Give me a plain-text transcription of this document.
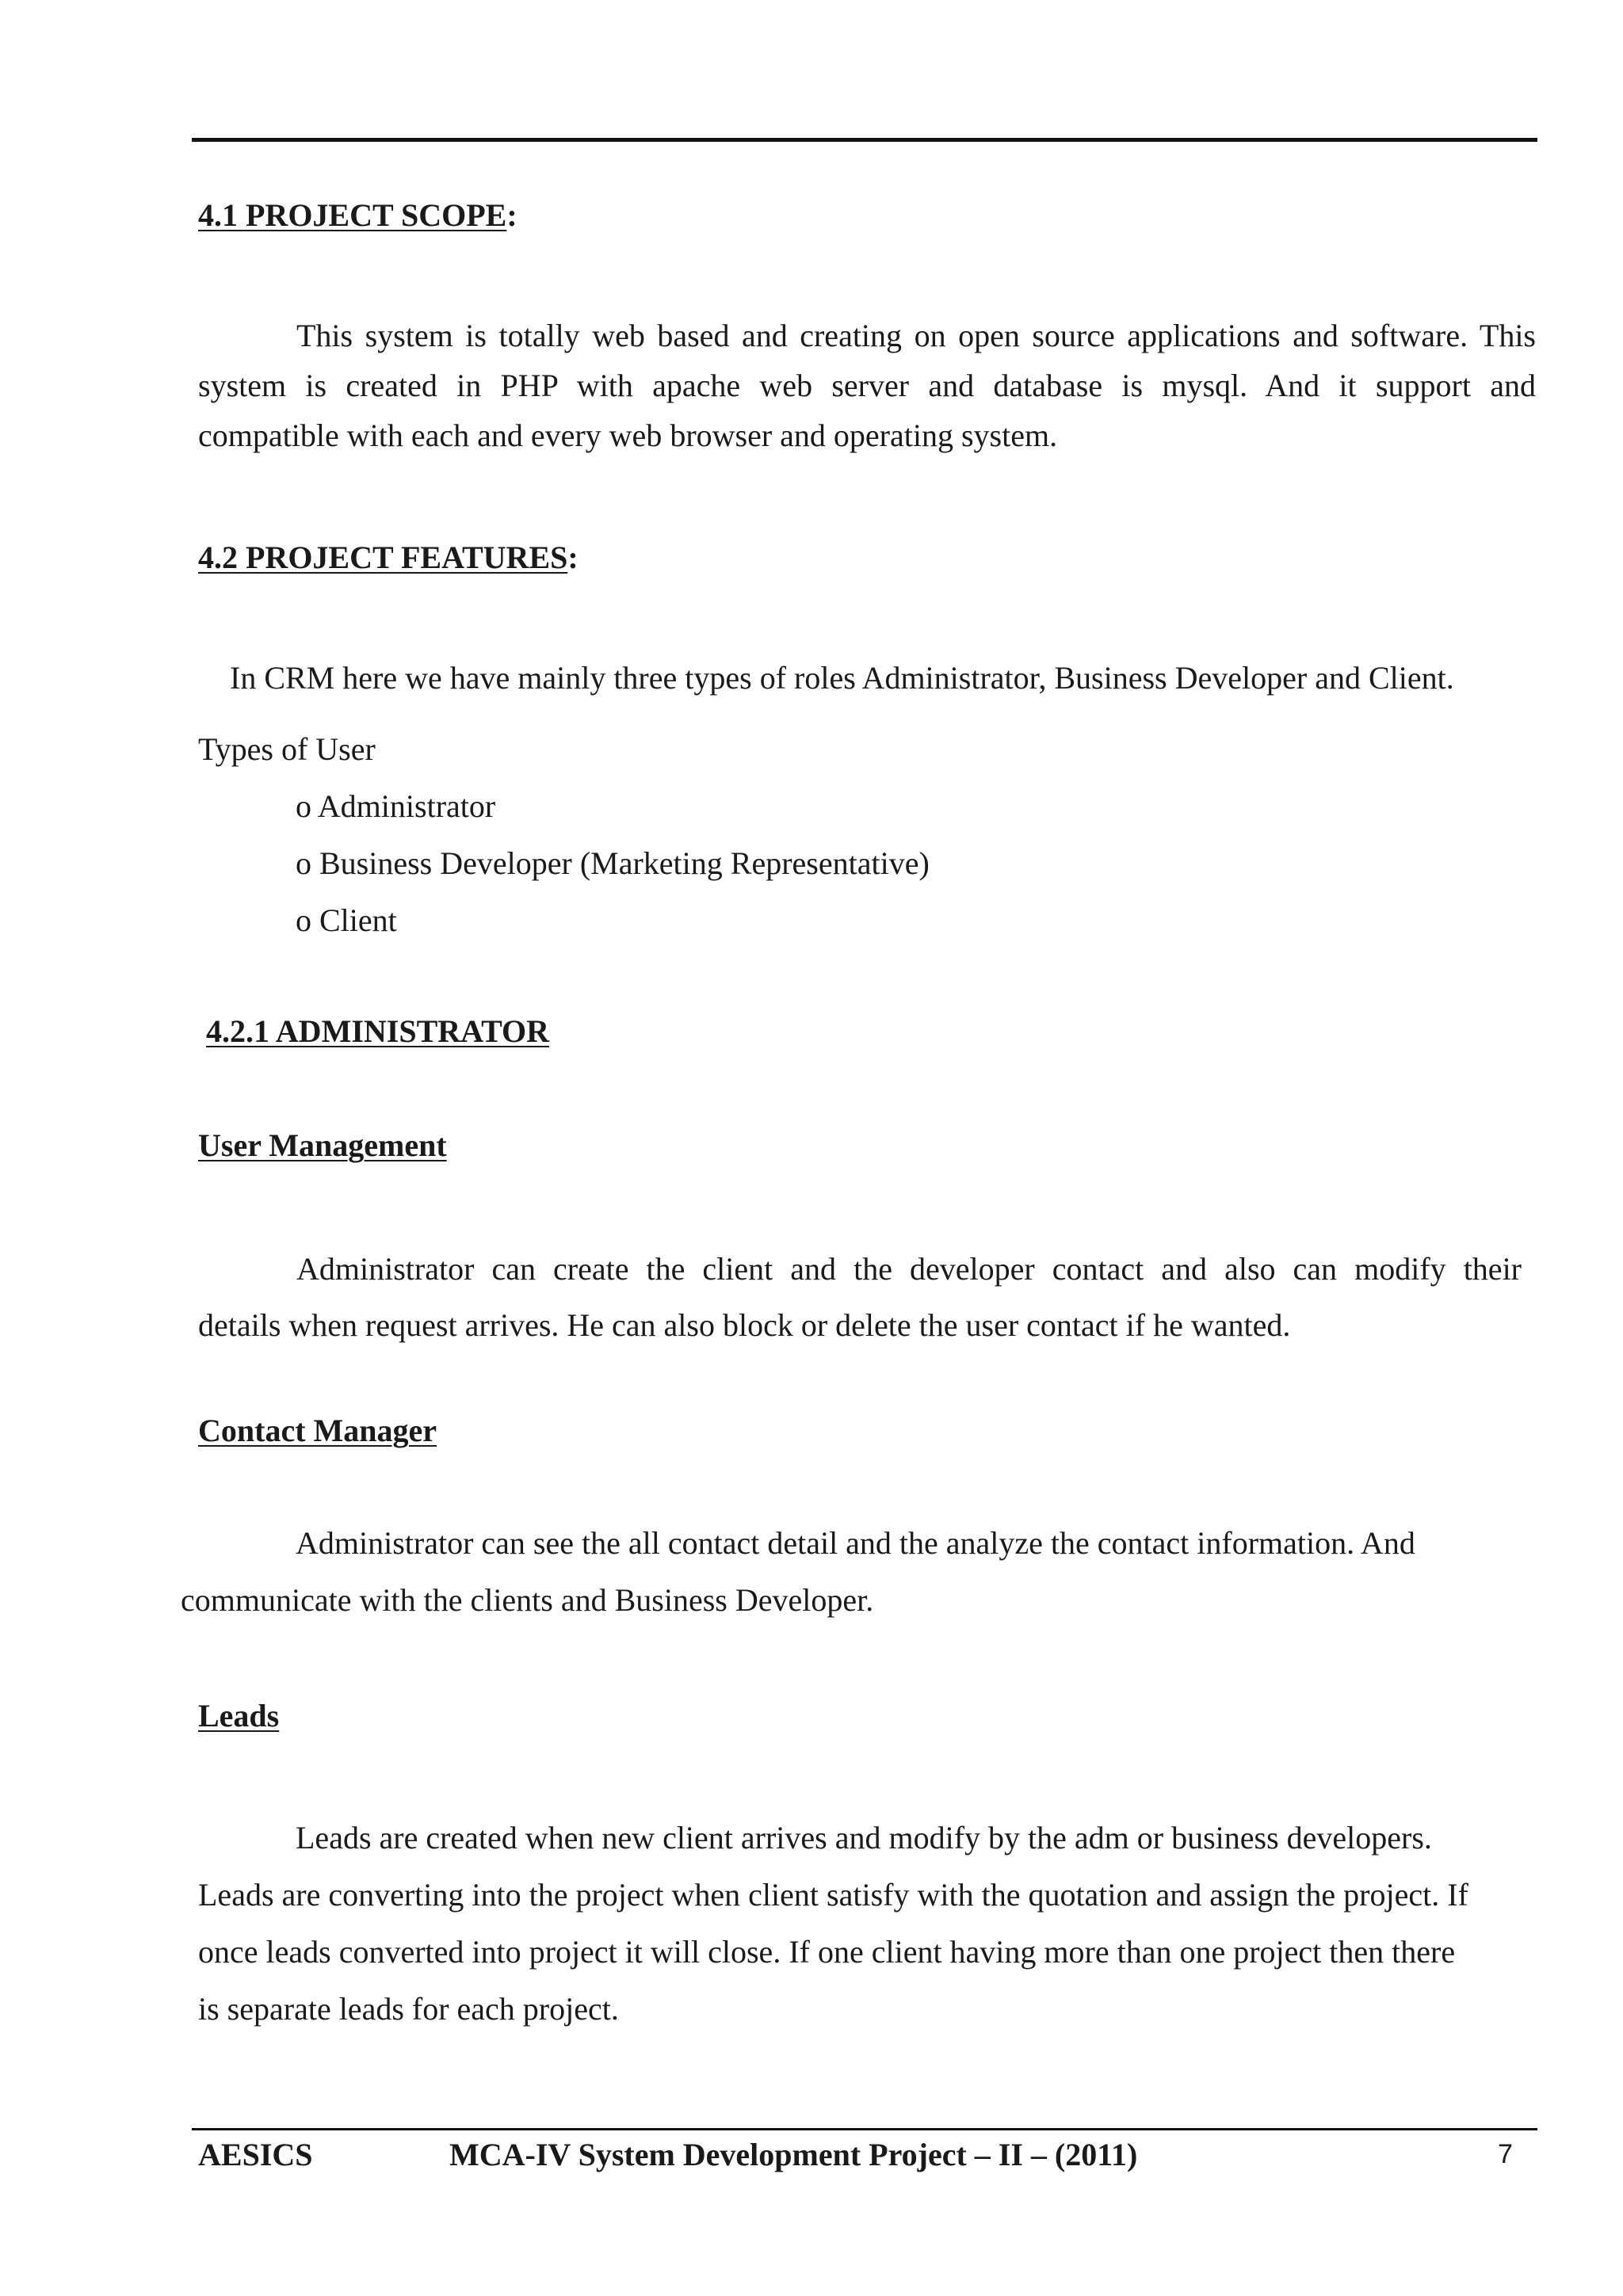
4.1 PROJECT SCOPE:
This system is totally web based and creating on open source applications and software. This
system is created in PHP with apache web server and database is mysql. And it support and
compatible with each and every web browser and operating system.
4.2 PROJECT FEATURES:
In CRM here we have mainly three types of roles Administrator, Business Developer and Client.
Types of User
o Administrator
o Business Developer (Marketing Representative)
o Client
4.2.1 ADMINISTRATOR
User Management
Administrator can create the client and the developer contact and also can modify their
details when request arrives. He can also block or delete the user contact if he wanted.
Contact Manager
Administrator can see the all contact detail and the analyze the contact information. And
communicate with the clients and Business Developer.
Leads
Leads are created when new client arrives and modify by the adm or business developers.
Leads are converting into the project when client satisfy with the quotation and assign the project. If
once leads converted into project it will close. If one client having more than one project then there
is separate leads for each project.
AESICS	MCA-IV System Development Project – II – (2011)	7
